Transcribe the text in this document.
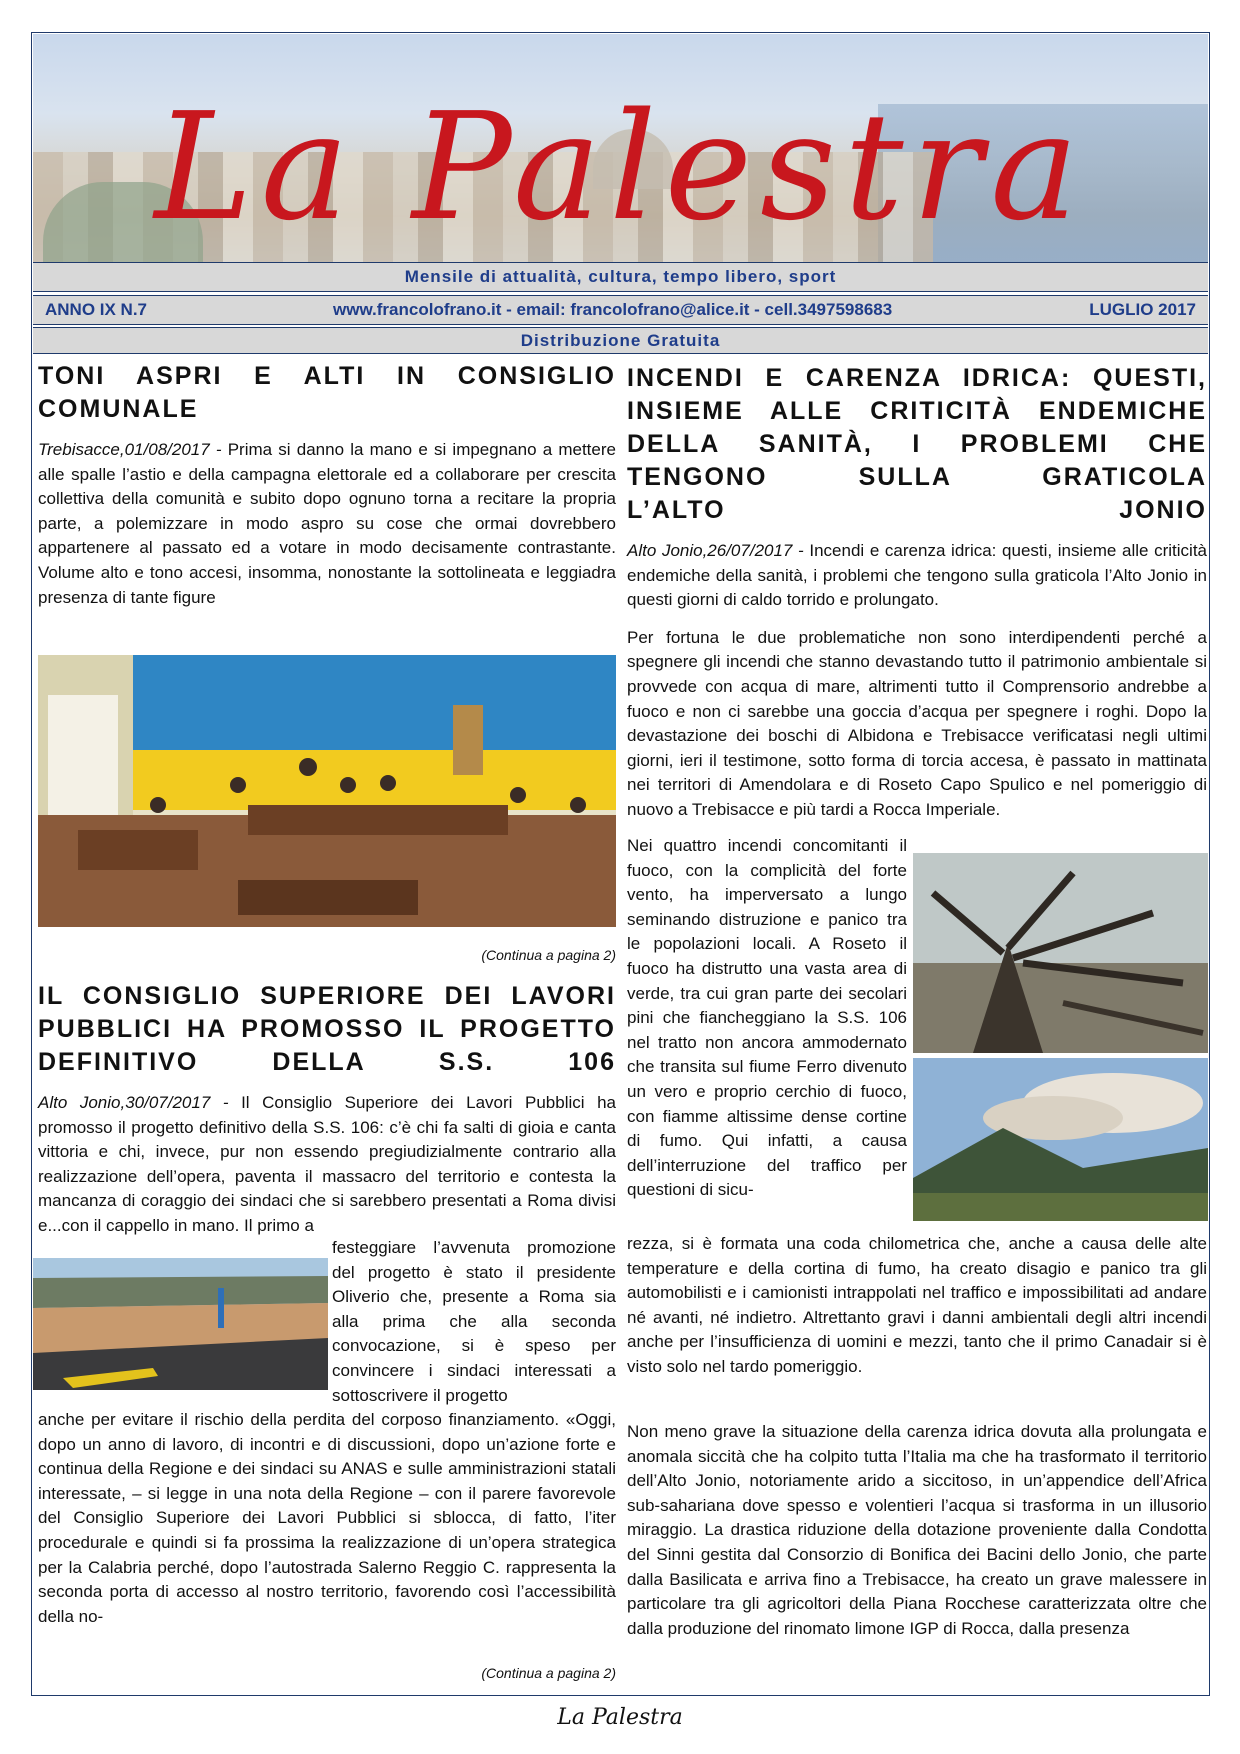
La Palestra
Mensile di attualità, cultura, tempo libero, sport
ANNO IX N.7	www.francolofrano.it - email: francolofrano@alice.it - cell.3497598683	LUGLIO 2017
Distribuzione Gratuita
TONI ASPRI E ALTI IN CONSIGLIO
COMUNALE

Trebisacce,01/08/2017 - Prima si danno la mano e si impegnano a mettere alle spalle l’astio e della campagna elettorale ed a collaborare per crescita collettiva della comunità e subito dopo ognuno torna a recitare la propria parte, a polemizzare in modo aspro su cose che ormai dovrebbero appartenere al passato ed a votare in modo decisamente contrastante. Volume alto e tono accesi, insomma, nonostante la sottolineata e leggiadra presenza di tante figure

(Continua a pagina 2)
IL CONSIGLIO SUPERIORE DEI LAVORI PUBBLICI HA PROMOSSO IL PROGETTO
DEFINITIVO DELLA S.S. 106

Alto Jonio,30/07/2017 - Il Consiglio Superiore dei Lavori Pubblici ha promosso il progetto definitivo della S.S. 106: c’è chi fa salti di gioia e canta vittoria e chi, invece, pur non essendo pregiudizialmente contrario alla realizzazione dell’opera, paventa il massacro del territorio e contesta la mancanza di coraggio dei sindaci che si sarebbero presentati a Roma divisi e...con il cappello in mano. Il primo a

festeggiare l’avvenuta promozione del progetto è stato il presidente Oliverio che, presente a Roma sia alla prima che alla seconda convocazione, si è speso per convincere i sindaci interessati a sottoscrivere il progetto
anche per evitare il rischio della perdita del corposo finanziamento. «Oggi, dopo un anno di lavoro, di incontri e di discussioni, dopo un’azione forte e continua della Regione e dei sindaci su ANAS e sulle amministrazioni statali interessate, – si legge in una nota della Regione – con il parere favorevole del Consiglio Superiore dei Lavori Pubblici si sblocca, di fatto, l’iter procedurale e quindi si fa prossima la realizzazione di un’opera strategica per la Calabria perché, dopo l’autostrada Salerno Reggio C. rappresenta la seconda porta di accesso al nostro territorio, favorendo così l’accessibilità della no-
(Continua a pagina 2)
INCENDI E CARENZA IDRICA: QUESTI, INSIEME ALLE CRITICITÀ ENDEMICHE DELLA SANITÀ, I PROBLEMI CHE TENGONO SULLA GRATICOLA
L’ALTO JONIO

Alto Jonio,26/07/2017 - Incendi e carenza idrica: questi, insieme alle criticità endemiche della sanità, i problemi che tengono sulla graticola l’Alto Jonio in questi giorni di caldo torrido e prolungato.

Per fortuna le due problematiche non sono interdipendenti perché a spegnere gli incendi che stanno devastando tutto il patrimonio ambientale si provvede con acqua di mare, altrimenti tutto il Comprensorio andrebbe a fuoco e non ci sarebbe una goccia d’acqua per spegnere i roghi. Dopo la devastazione dei boschi di Albidona e Trebisacce verificatasi negli ultimi giorni, ieri il testimone, sotto forma di torcia accesa, è passato in mattinata nei territori di Amendolara e di Roseto Capo Spulico e nel pomeriggio di nuovo a Trebisacce e più tardi a Rocca Imperiale.

Nei quattro incendi concomitanti il fuoco, con la complicità del forte vento, ha imperversato a lungo seminando distruzione e panico tra le popolazioni locali. A Roseto il fuoco ha distrutto una vasta area di verde, tra cui gran parte dei secolari pini che fiancheggiano la S.S. 106 nel tratto non ancora ammodernato che transita sul fiume Ferro divenuto un vero e proprio cerchio di fuoco, con fiamme altissime dense cortine di fumo. Qui infatti, a causa dell’interruzione del traffico per questioni di sicu-
rezza, si è formata una coda chilometrica che, anche a causa delle alte temperature e della cortina di fumo, ha creato disagio e panico tra gli automobilisti e i camionisti intrappolati nel traffico e impossibilitati ad andare né avanti, né indietro. Altrettanto gravi i danni ambientali degli altri incendi anche per l’insufficienza di uomini e mezzi, tanto che il primo Canadair si è visto solo nel tardo pomeriggio.
Non meno grave la situazione della carenza idrica dovuta alla prolungata e anomala siccità che ha colpito tutta l’Italia ma che ha trasformato il territorio dell’Alto Jonio, notoriamente arido a siccitoso, in un’appendice dell’Africa sub-sahariana dove spesso e volentieri l’acqua si trasforma in un illusorio miraggio. La drastica riduzione della dotazione proveniente dalla Condotta del Sinni gestita dal Consorzio di Bonifica dei Bacini dello Jonio, che parte dalla Basilicata e arriva fino a Trebisacce, ha creato un grave malessere in particolare tra gli agricoltori della Piana Rocchese caratterizzata oltre che dalla produzione del rinomato limone IGP di Rocca, dalla presenza
La Palestra
